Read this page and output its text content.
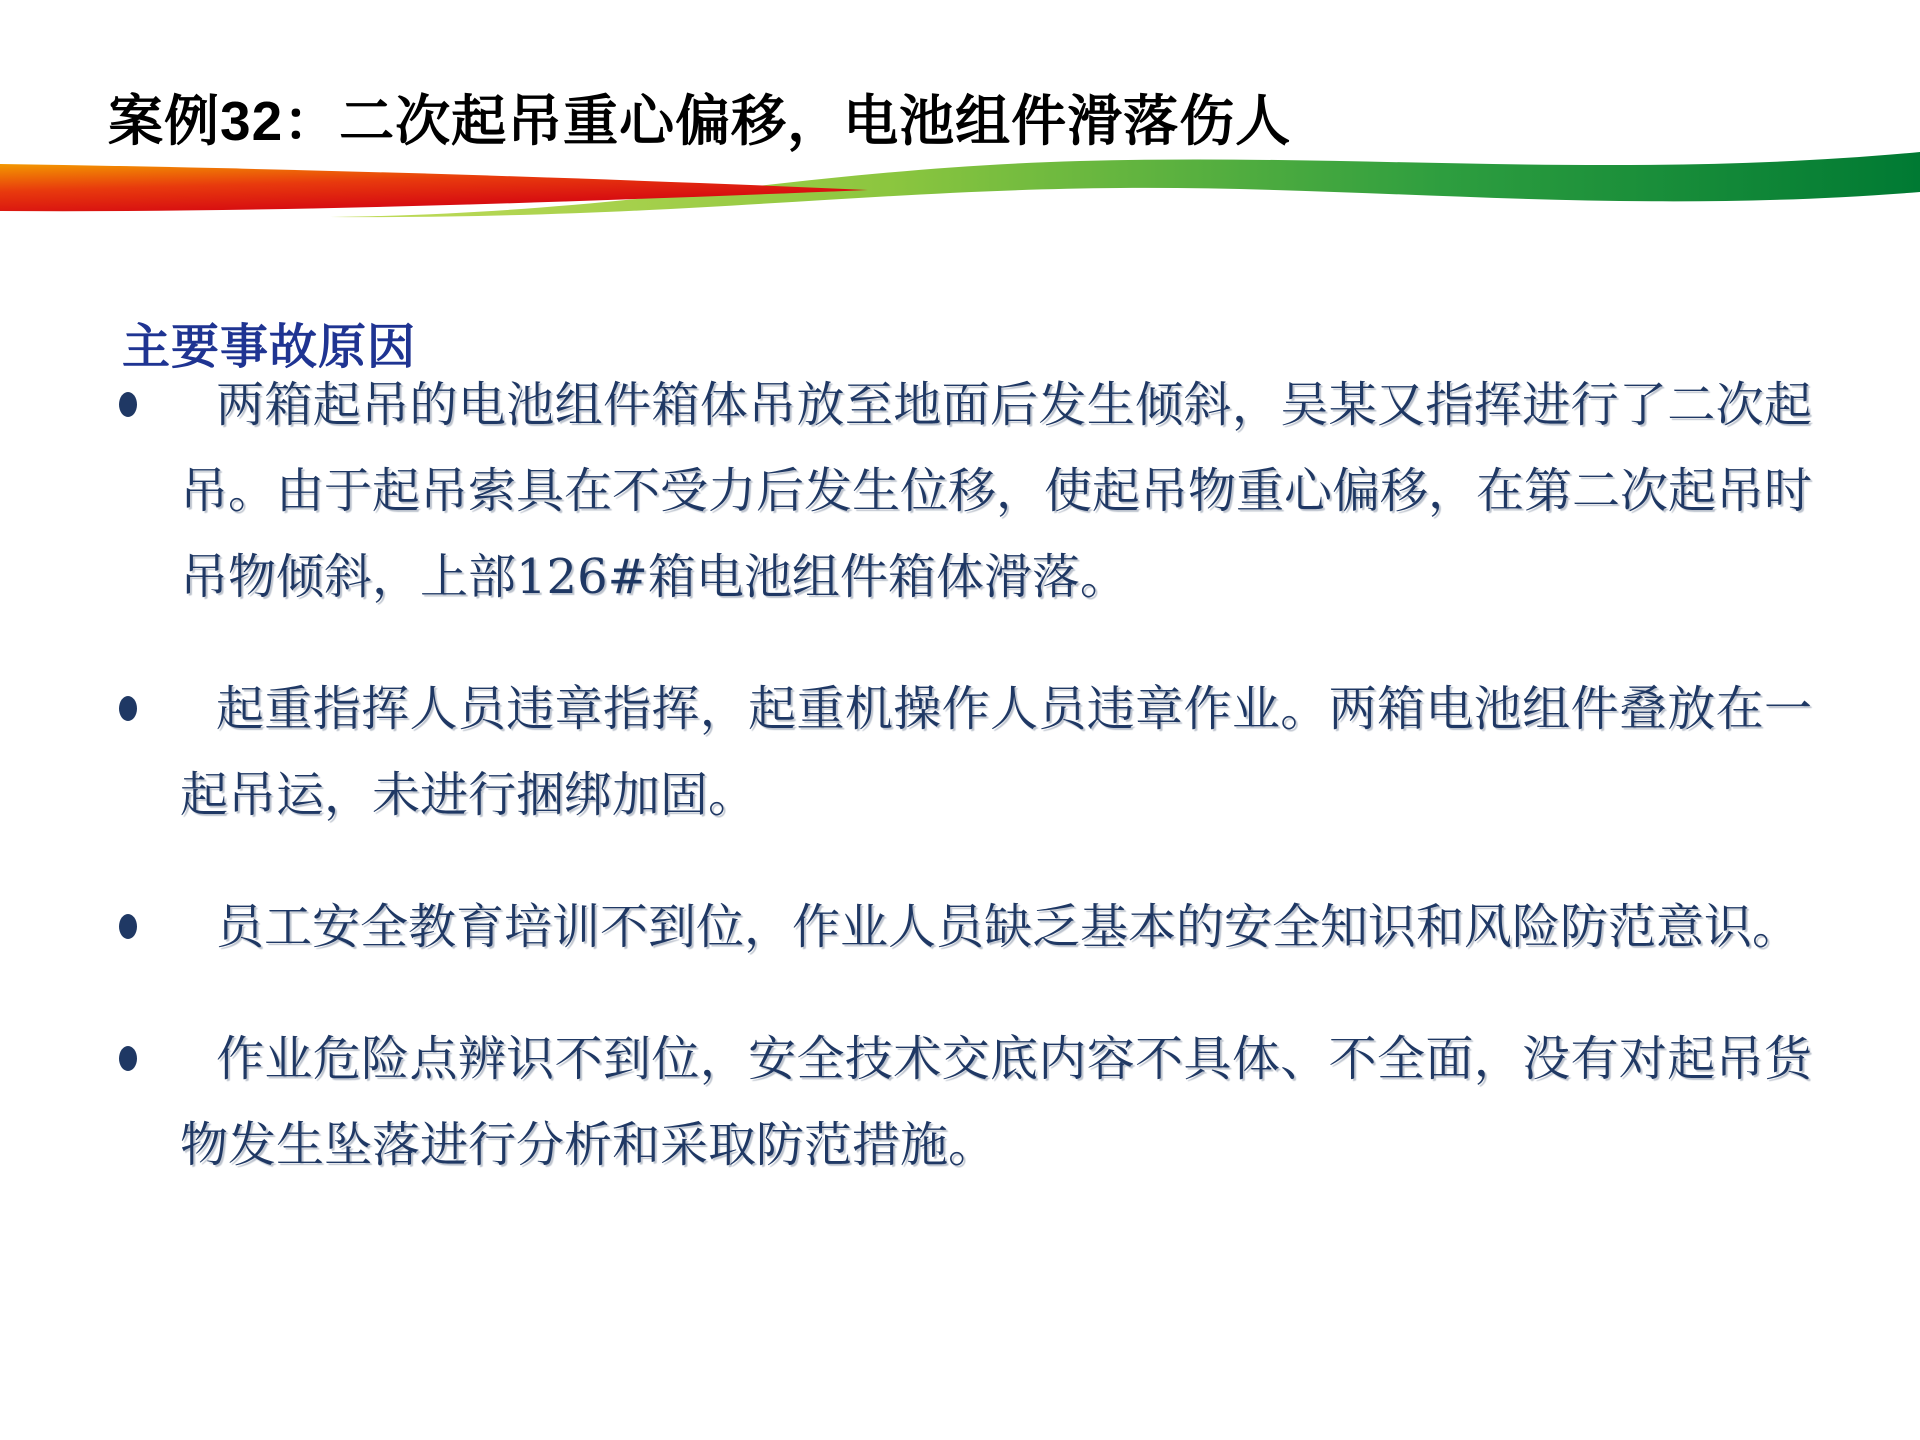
案例32：二次起吊重心偏移，电池组件滑落伤人
主要事故原因

两箱起吊的电池组件箱体吊放至地面后发生倾斜，吴某又指挥进行了二次起吊。由于起吊索具在不受力后发生位移，使起吊物重心偏移，在第二次起吊时吊物倾斜，上部126#箱电池组件箱体滑落。

起重指挥人员违章指挥，起重机操作人员违章作业。两箱电池组件叠放在一起吊运，未进行捆绑加固。

员工安全教育培训不到位，作业人员缺乏基本的安全知识和风险防范意识。

作业危险点辨识不到位，安全技术交底内容不具体、不全面，没有对起吊货物发生坠落进行分析和采取防范措施。
